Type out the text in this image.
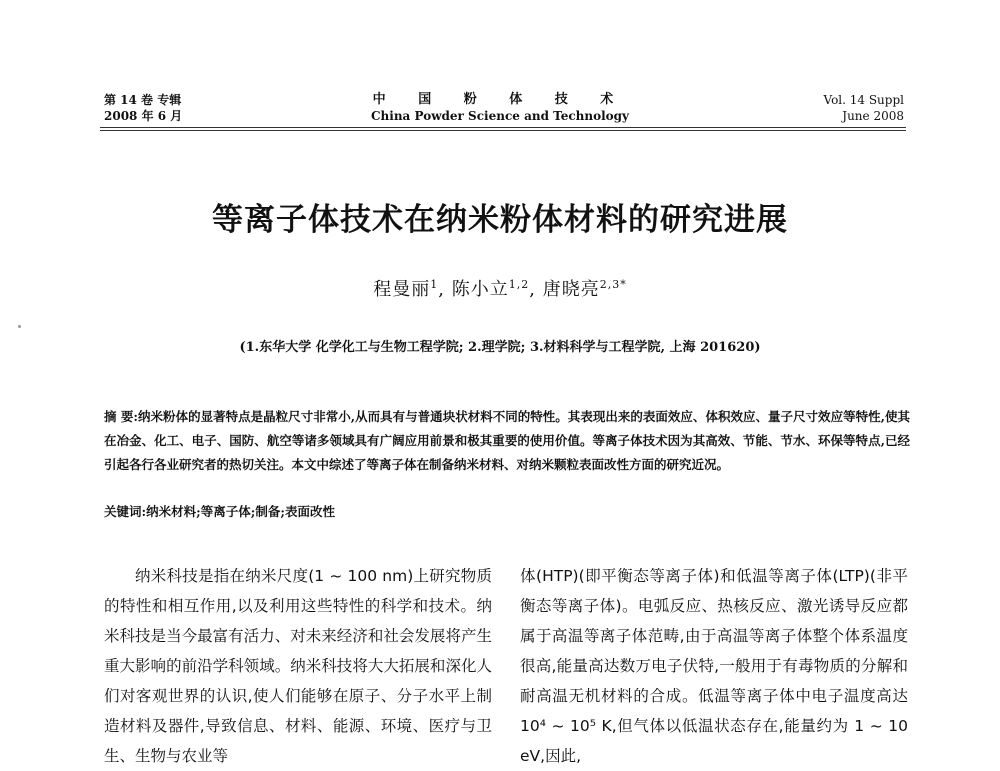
第 14 卷 专辑
2008 年 6 月
中 国 粉 体 技 术
China Powder Science and Technology
Vol. 14 Suppl
June 2008
等离子体技术在纳米粉体材料的研究进展
程曼丽$^1$, 陈小立$^{1,2}$, 唐晓亮$^{2,3*}$
(1.东华大学 化学化工与生物工程学院; 2.理学院; 3.材料科学与工程学院, 上海 201620)
摘 要:纳米粉体的显著特点是晶粒尺寸非常小,从而具有与普通块状材料不同的特性。其表现出来的表面效应、体积效应、量子尺寸效应等特性,使其在冶金、化工、电子、国防、航空等诸多领域具有广阔应用前景和极其重要的使用价值。等离子体技术因为其高效、节能、节水、环保等特点,已经引起各行各业研究者的热切关注。本文中综述了等离子体在制备纳米材料、对纳米颗粒表面改性方面的研究近况。
关键词:纳米材料;等离子体;制备;表面改性
纳米科技是指在纳米尺度(1 ~ 100 nm)上研究物质的特性和相互作用,以及利用这些特性的科学和技术。纳米科技是当今最富有活力、对未来经济和社会发展将产生重大影响的前沿学科领域。纳米科技将大大拓展和深化人们对客观世界的认识,使人们能够在原子、分子水平上制造材料及器件,导致信息、材料、能源、环境、医疗与卫生、生物与农业等
体(HTP)(即平衡态等离子体)和低温等离子体(LTP)(非平衡态等离子体)。电弧反应、热核反应、激光诱导反应都属于高温等离子体范畴,由于高温等离子体整个体系温度很高,能量高达数万电子伏特,一般用于有毒物质的分解和耐高温无机材料的合成。低温等离子体中电子温度高达 10⁴ ~ 10⁵ K,但气体以低温状态存在,能量约为 1 ~ 10 eV,因此,
